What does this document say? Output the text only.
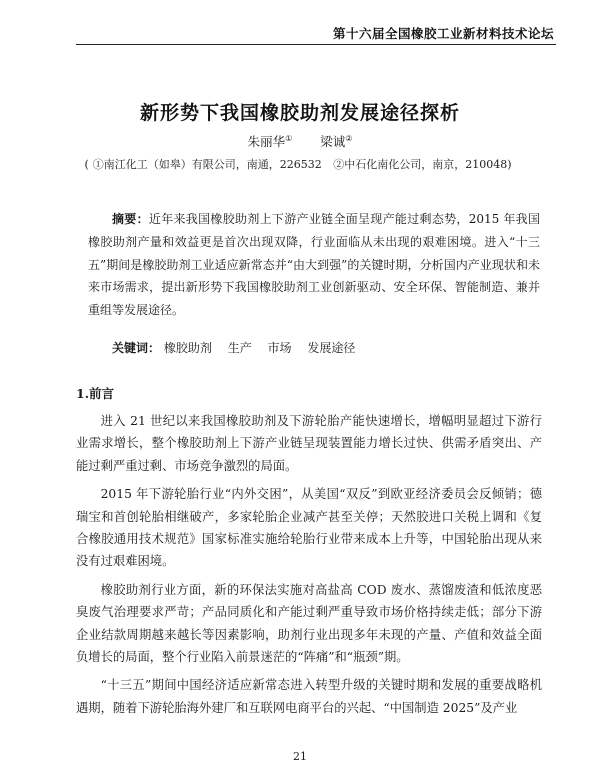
第十六届全国橡胶工业新材料技术论坛
新形势下我国橡胶助剂发展途径探析
朱丽华① 梁诚②
( ①南江化工（如皋）有限公司，南通，226532 ②中石化南化公司，南京，210048)
摘要：近年来我国橡胶助剂上下游产业链全面呈现产能过剩态势，2015 年我国橡胶助剂产量和效益更是首次出现双降，行业面临从未出现的艰难困境。进入“十三五”期间是橡胶助剂工业适应新常态并“由大到强”的关键时期，分析国内产业现状和未来市场需求，提出新形势下我国橡胶助剂工业创新驱动、安全环保、智能制造、兼并重组等发展途径。
关键词： 橡胶助剂 生产 市场 发展途径
1.前言

进入 21 世纪以来我国橡胶助剂及下游轮胎产能快速增长，增幅明显超过下游行业需求增长，整个橡胶助剂上下游产业链呈现装置能力增长过快、供需矛盾突出、产能过剩严重过剩、市场竞争激烈的局面。

2015 年下游轮胎行业“内外交困”，从美国“双反”到欧亚经济委员会反倾销；德瑞宝和首创轮胎相继破产，多家轮胎企业减产甚至关停；天然胶进口关税上调和《复合橡胶通用技术规范》国家标准实施给轮胎行业带来成本上升等，中国轮胎出现从来没有过艰难困境。

橡胶助剂行业方面，新的环保法实施对高盐高 COD 废水、蒸馏废渣和低浓度恶臭废气治理要求严苛；产品同质化和产能过剩严重导致市场价格持续走低；部分下游企业结款周期越来越长等因素影响，助剂行业出现多年未现的产量、产值和效益全面负增长的局面，整个行业陷入前景迷茫的“阵痛”和“瓶颈”期。

“十三五”期间中国经济适应新常态进入转型升级的关键时期和发展的重要战略机遇期，随着下游轮胎海外建厂和互联网电商平台的兴起、“中国制造 2025”及产业

21
